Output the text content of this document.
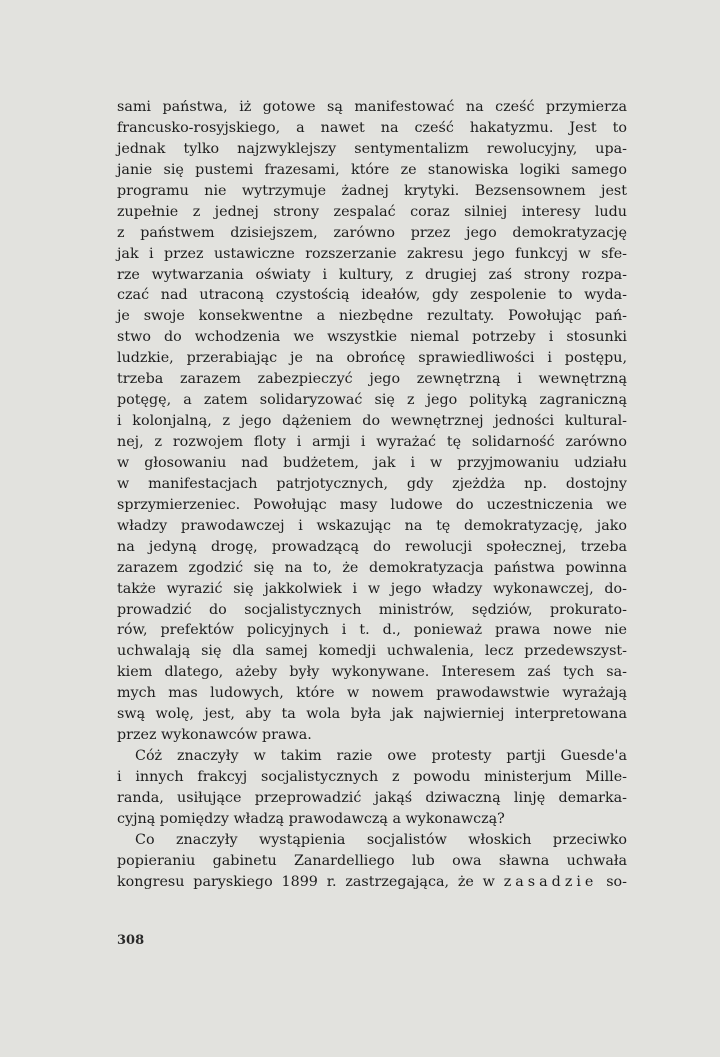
sami państwa, iż gotowe są manifestować na cześć przymierza
francusko-rosyjskiego, a nawet na cześć hakatyzmu. Jest to
jednak tylko najzwyklejszy sentymentalizm rewolucyjny, upa-
janie się pustemi frazesami, które ze stanowiska logiki samego
programu nie wytrzymuje żadnej krytyki. Bezsensownem jest
zupełnie z jednej strony zespalać coraz silniej interesy ludu
z państwem dzisiejszem, zarówno przez jego demokratyzację
jak i przez ustawiczne rozszerzanie zakresu jego funkcyj w sfe-
rze wytwarzania oświaty i kultury, z drugiej zaś strony rozpa-
czać nad utraconą czystością ideałów, gdy zespolenie to wyda-
je swoje konsekwentne a niezbędne rezultaty. Powołując pań-
stwo do wchodzenia we wszystkie niemal potrzeby i stosunki
ludzkie, przerabiając je na obrońcę sprawiedliwości i postępu,
trzeba zarazem zabezpieczyć jego zewnętrzną i wewnętrzną
potęgę, a zatem solidaryzować się z jego polityką zagraniczną
i kolonjalną, z jego dążeniem do wewnętrznej jedności kultural-
nej, z rozwojem floty i armji i wyrażać tę solidarność zarówno
w głosowaniu nad budżetem, jak i w przyjmowaniu udziału
w manifestacjach patrjotycznych, gdy zjeżdża np. dostojny
sprzymierzeniec. Powołując masy ludowe do uczestniczenia we
władzy prawodawczej i wskazując na tę demokratyzację, jako
na jedyną drogę, prowadzącą do rewolucji społecznej, trzeba
zarazem zgodzić się na to, że demokratyzacja państwa powinna
także wyrazić się jakkolwiek i w jego władzy wykonawczej, do-
prowadzić do socjalistycznych ministrów, sędziów, prokurato-
rów, prefektów policyjnych i t. d., ponieważ prawa nowe nie
uchwalają się dla samej komedji uchwalenia, lecz przedewszyst-
kiem dlatego, ażeby były wykonywane. Interesem zaś tych sa-
mych mas ludowych, które w nowem prawodawstwie wyrażają
swą wolę, jest, aby ta wola była jak najwierniej interpretowana
przez wykonawców prawa.
Cóż znaczyły w takim razie owe protesty partji Guesde'a
i innych frakcyj socjalistycznych z powodu ministerjum Mille-
randa, usiłujące przeprowadzić jakąś dziwaczną linję demarka-
cyjną pomiędzy władzą prawodawczą a wykonawczą?
Co znaczyły wystąpienia socjalistów włoskich przeciwko
popieraniu gabinetu Zanardelliego lub owa sławna uchwała
kongresu paryskiego 1899 r. zastrzegająca, że w zasadzie so-
308
